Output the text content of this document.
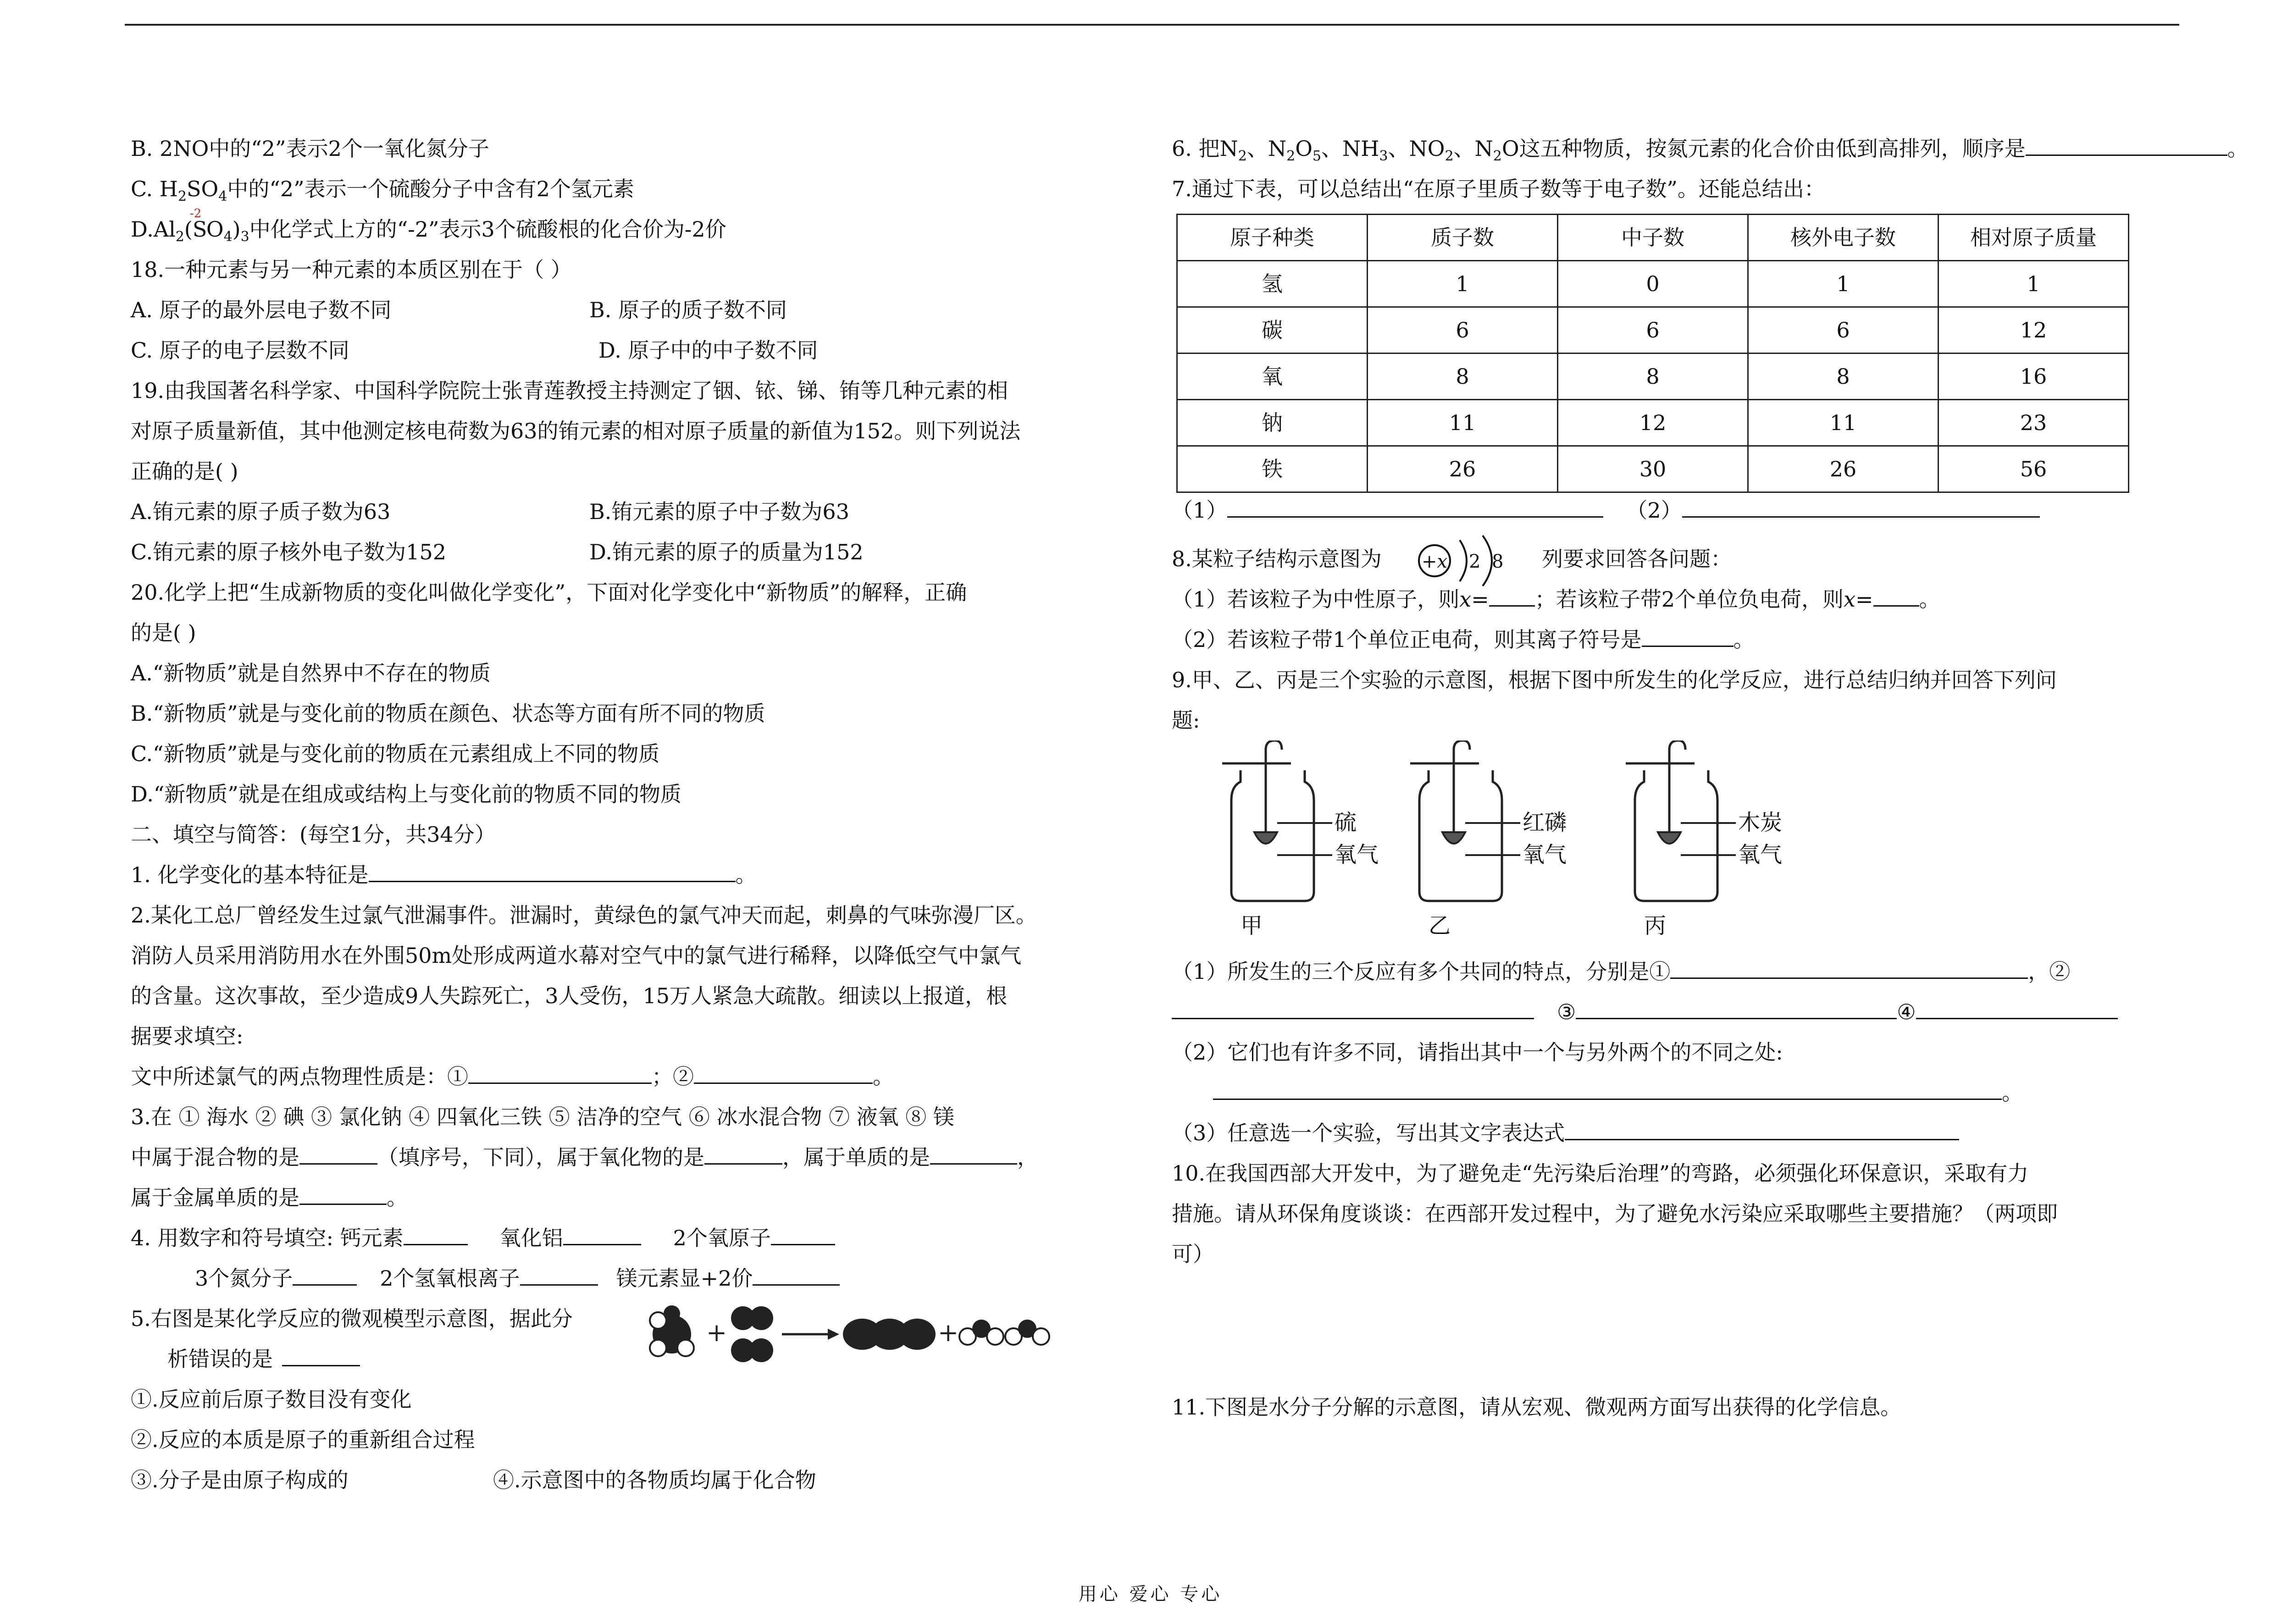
B. 2NO中的“2”表示2个一氧化氮分子
C. $H_2SO_4$中的“2”表示一个硫酸分子中含有2个氢元素
$D.Al_2$(
-2
$SO_4)_3$中化学式上方的“-2”表示3个硫酸根的化合价为-2价
18.一种元素与另一种元素的本质区别在于（ ）
A. 原子的最外层电子数不同	B. 原子的质子数不同
C. 原子的电子层数不同	D. 原子中的中子数不同
19.由我国著名科学家、中国科学院院士张青莲教授主持测定了铟、铱、锑、铕等几种元素的相
对原子质量新值，其中他测定核电荷数为63的铕元素的相对原子质量的新值为152。则下列说法
正确的是( )
A.铕元素的原子质子数为63	B.铕元素的原子中子数为63
C.铕元素的原子核外电子数为152	D.铕元素的原子的质量为152
20.化学上把“生成新物质的变化叫做化学变化”，下面对化学变化中“新物质”的解释，正确
的是( )
A.“新物质”就是自然界中不存在的物质
B.“新物质”就是与变化前的物质在颜色、状态等方面有所不同的物质
C.“新物质”就是与变化前的物质在元素组成上不同的物质
D.“新物质”就是在组成或结构上与变化前的物质不同的物质
二、填空与简答：(每空1分，共34分）
1. 化学变化的基本特征是	。
2.某化工总厂曾经发生过氯气泄漏事件。泄漏时，黄绿色的氯气冲天而起，刺鼻的气味弥漫厂区。
消防人员采用消防用水在外围50m处形成两道水幕对空气中的氯气进行稀释，以降低空气中氯气
的含量。这次事故，至少造成9人失踪死亡，3人受伤，15万人紧急大疏散。细读以上报道，根
据要求填空:
文中所述氯气的两点物理性质是：①	；②	。
3.在 ① 海水 ② 碘 ③ 氯化钠 ④ 四氧化三铁 ⑤ 洁净的空气 ⑥ 冰水混合物 ⑦ 液氧 ⑧ 镁
中属于混合物的是	（填序号，下同），属于氧化物的是	，属于单质的是	，
属于金属单质的是	。
4. 用数字和符号填空: 钙元素	氧化铝	2个氧原子
3个氮分子	2个氢氧根离子	镁元素显+2价
5.右图是某化学反应的微观模型示意图，据此分
析错误的是
+	+
①.反应前后原子数目没有变化
②.反应的本质是原子的重新组合过程
③.分子是由原子构成的	④.示意图中的各物质均属于化合物
6. 把$N_2$、$N_2O_5$、$NH_3$、$NO_2$、$N_2O$这五种物质，按氮元素的化合价由低到高排列，顺序是	。
7.通过下表，可以总结出“在原子里质子数等于电子数”。还能总结出：
原子种类	质子数	中子数	核外电子数	相对原子质量
氢	1	0	1	1
碳	6	6	6	12
氧	8	8	8	16
钠	11	12	11	23
铁	26	30	26	56
（1）	（2）
8.某粒子结构示意图为 +x 2 8 列要求回答各问题：
（1）若该粒子为中性原子，则x= ；若该粒子带2个单位负电荷，则x= 。
（2）若该粒子带1个单位正电荷，则其离子符号是	。
9.甲、乙、丙是三个实验的示意图，根据下图中所发生的化学反应，进行总结归纳并回答下列问
题:
硫
氧气
甲
红磷
氧气
乙
木炭
氧气
丙
（1）所发生的三个反应有多个共同的特点，分别是①	，②
③	④
（2）它们也有许多不同，请指出其中一个与另外两个的不同之处:
。
（3）任意选一个实验，写出其文字表达式
10.在我国西部大开发中，为了避免走“先污染后治理”的弯路，必须强化环保意识，采取有力
措施。请从环保角度谈谈：在西部开发过程中，为了避免水污染应采取哪些主要措施？（两项即
可）
11.下图是水分子分解的示意图，请从宏观、微观两方面写出获得的化学信息。
用心 爱心 专心
